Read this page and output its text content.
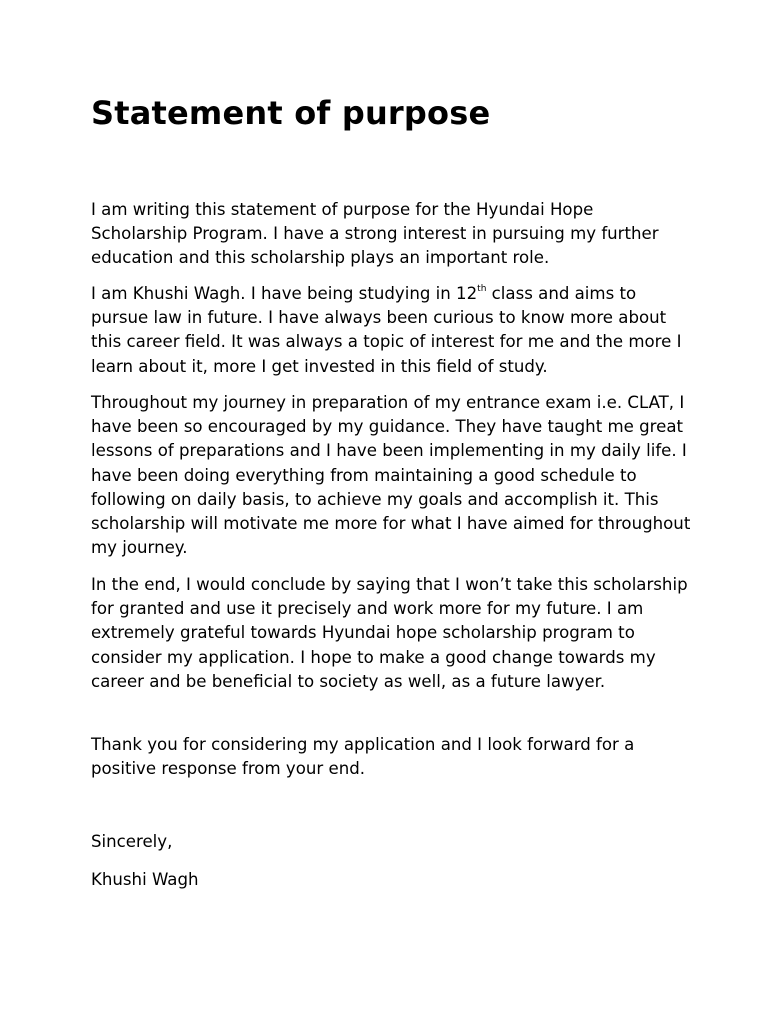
Statement of purpose

I am writing this statement of purpose for the Hyundai Hope Scholarship Program. I have a strong interest in pursuing my further education and this scholarship plays an important role.

I am Khushi Wagh. I have being studying in 12th class and aims to pursue law in future. I have always been curious to know more about this career field. It was always a topic of interest for me and the more I learn about it, more I get invested in this field of study.

Throughout my journey in preparation of my entrance exam i.e. CLAT, I have been so encouraged by my guidance. They have taught me great lessons of preparations and I have been implementing in my daily life. I have been doing everything from maintaining a good schedule to following on daily basis, to achieve my goals and accomplish it. This scholarship will motivate me more for what I have aimed for throughout my journey.

In the end, I would conclude by saying that I won’t take this scholarship for granted and use it precisely and work more for my future. I am extremely grateful towards Hyundai hope scholarship program to consider my application. I hope to make a good change towards my career and be beneficial to society as well, as a future lawyer.

Thank you for considering my application and I look forward for a positive response from your end.

Sincerely,

Khushi Wagh
